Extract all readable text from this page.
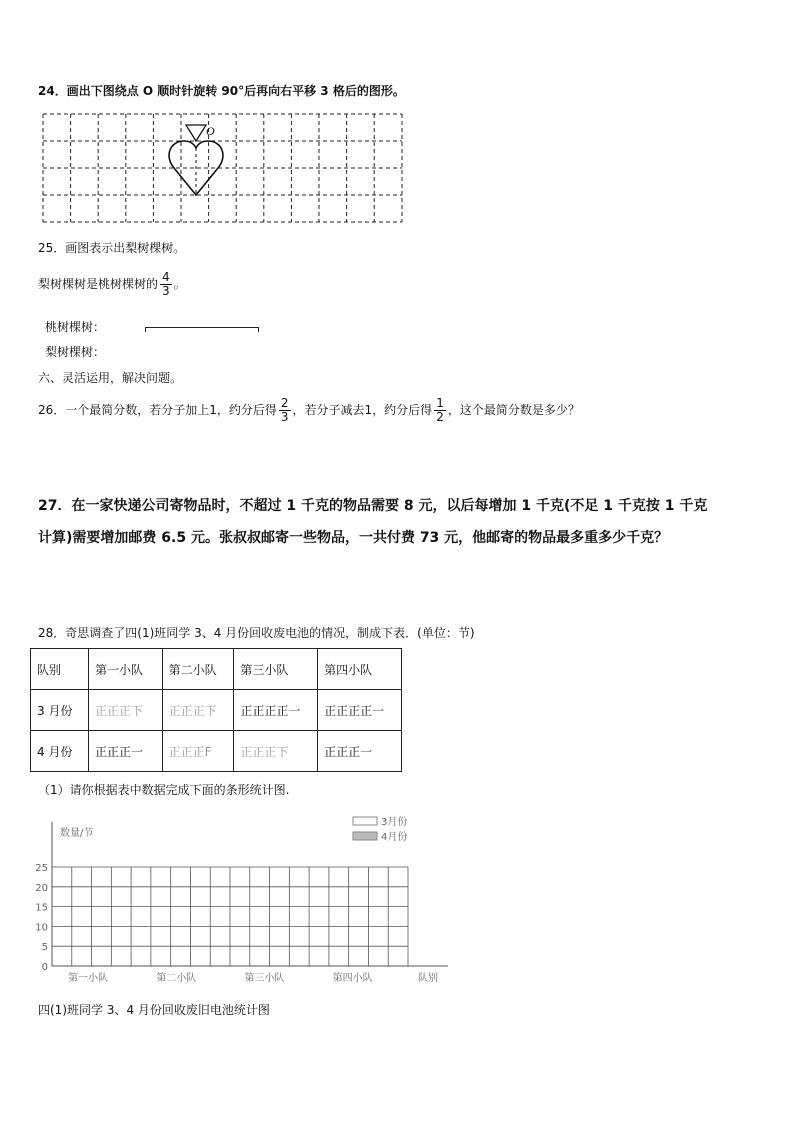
24．画出下图绕点 O 顺时针旋转 90°后再向右平移 3 格后的图形。
O
25．画图表示出梨树棵树。
梨树棵树是桃树棵树的 $\frac{4}{3}$ 。
桃树棵树：
梨树棵树：
六、灵活运用，解决问题。
26．一个最简分数，若分子加上1，约分后得 $\frac{2}{3}$ ，若分子减去1，约分后得 $\frac{1}{2}$ ，这个最简分数是多少？
27．在一家快递公司寄物品时，不超过 1 千克的物品需要 8 元，以后每增加 1 千克(不足 1 千克按 1 千克
计算)需要增加邮费 6.5 元。张叔叔邮寄一些物品，一共付费 73 元，他邮寄的物品最多重多少千克？
28．奇思调查了四(1)班同学 3、4 月份回收废电池的情况，制成下表．(单位：节)
队别	第一小队	第二小队	第三小队	第四小队
3 月份	正正正下	正正正下	正正正正一	正正正正一
4 月份	正正正一	正正正F	正正正下	正正正一
（1）请你根据表中数据完成下面的条形统计图.
0
5
10
15
20
25
第一小队	第二小队	第三小队	第四小队
数量/节
队别
3月份
4月份
四(1)班同学 3、4 月份回收废旧电池统计图
